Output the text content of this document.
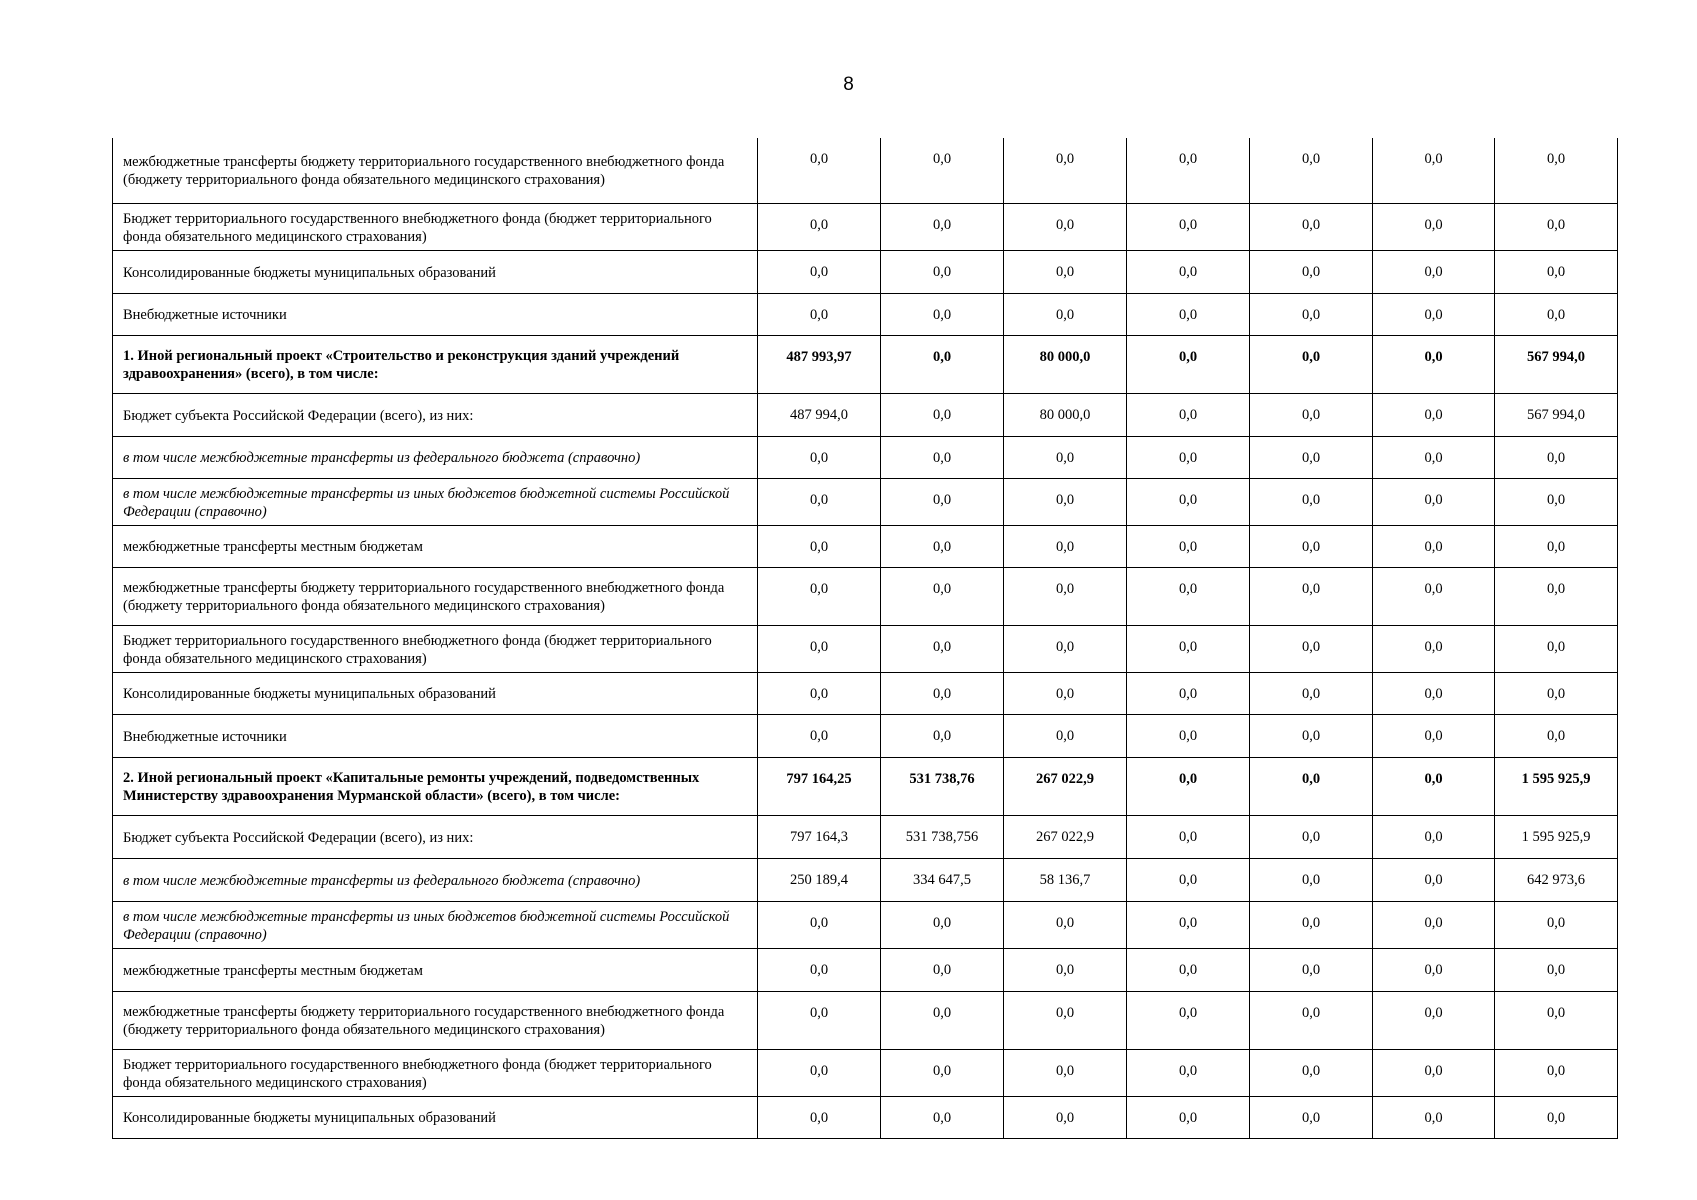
8
межбюджетные трансферты бюджету территориального государственного внебюджетного фонда (бюджету территориального фонда обязательного медицинского страхования)	0,0	0,0	0,0	0,0	0,0	0,0	0,0
Бюджет территориального государственного внебюджетного фонда (бюджет территориального фонда обязательного медицинского страхования)	0,0	0,0	0,0	0,0	0,0	0,0	0,0
Консолидированные бюджеты муниципальных образований	0,0	0,0	0,0	0,0	0,0	0,0	0,0
Внебюджетные источники	0,0	0,0	0,0	0,0	0,0	0,0	0,0
1. Иной региональный проект «Строительство и реконструкция зданий учреждений здравоохранения» (всего), в том числе:	487 993,97	0,0	80 000,0	0,0	0,0	0,0	567 994,0
Бюджет субъекта Российской Федерации (всего), из них:	487 994,0	0,0	80 000,0	0,0	0,0	0,0	567 994,0
в том числе межбюджетные трансферты из федерального бюджета (справочно)	0,0	0,0	0,0	0,0	0,0	0,0	0,0
в том числе межбюджетные трансферты из иных бюджетов бюджетной системы Российской Федерации (справочно)	0,0	0,0	0,0	0,0	0,0	0,0	0,0
межбюджетные трансферты местным бюджетам	0,0	0,0	0,0	0,0	0,0	0,0	0,0
межбюджетные трансферты бюджету территориального государственного внебюджетного фонда (бюджету территориального фонда обязательного медицинского страхования)	0,0	0,0	0,0	0,0	0,0	0,0	0,0
Бюджет территориального государственного внебюджетного фонда (бюджет территориального фонда обязательного медицинского страхования)	0,0	0,0	0,0	0,0	0,0	0,0	0,0
Консолидированные бюджеты муниципальных образований	0,0	0,0	0,0	0,0	0,0	0,0	0,0
Внебюджетные источники	0,0	0,0	0,0	0,0	0,0	0,0	0,0
2. Иной региональный проект «Капитальные ремонты учреждений, подведомственных Министерству здравоохранения Мурманской области» (всего), в том числе:	797 164,25	531 738,76	267 022,9	0,0	0,0	0,0	1 595 925,9
Бюджет субъекта Российской Федерации (всего), из них:	797 164,3	531 738,756	267 022,9	0,0	0,0	0,0	1 595 925,9
в том числе межбюджетные трансферты из федерального бюджета (справочно)	250 189,4	334 647,5	58 136,7	0,0	0,0	0,0	642 973,6
в том числе межбюджетные трансферты из иных бюджетов бюджетной системы Российской Федерации (справочно)	0,0	0,0	0,0	0,0	0,0	0,0	0,0
межбюджетные трансферты местным бюджетам	0,0	0,0	0,0	0,0	0,0	0,0	0,0
межбюджетные трансферты бюджету территориального государственного внебюджетного фонда (бюджету территориального фонда обязательного медицинского страхования)	0,0	0,0	0,0	0,0	0,0	0,0	0,0
Бюджет территориального государственного внебюджетного фонда (бюджет территориального фонда обязательного медицинского страхования)	0,0	0,0	0,0	0,0	0,0	0,0	0,0
Консолидированные бюджеты муниципальных образований	0,0	0,0	0,0	0,0	0,0	0,0	0,0
